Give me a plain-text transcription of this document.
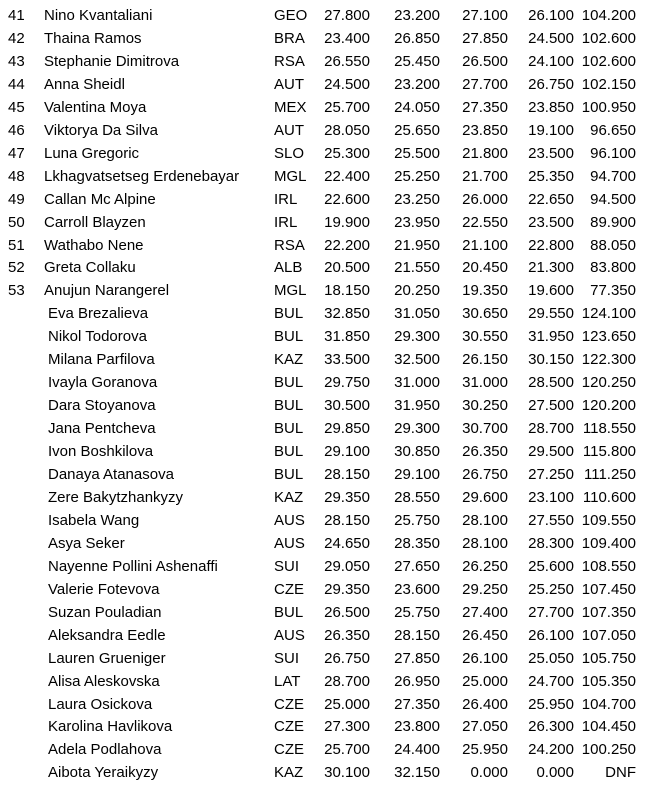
41	Nino Kvantaliani	GEO	27.800	23.200	27.100	26.100 104.200
42	Thaina Ramos	BRA	23.400	26.850	27.850	24.500 102.600
43	Stephanie Dimitrova	RSA	26.550	25.450	26.500	24.100 102.600
44	Anna Sheidl	AUT	24.500	23.200	27.700	26.750 102.150
45	Valentina Moya	MEX	25.700	24.050	27.350	23.850 100.950
46	Viktorya Da Silva	AUT	28.050	25.650	23.850	19.100	96.650
47	Luna Gregoric	SLO	25.300	25.500	21.800	23.500	96.100
48	Lkhagvatsetseg Erdenebayar	MGL	22.400	25.250	21.700	25.350	94.700
49	Callan Mc Alpine	IRL	22.600	23.250	26.000	22.650	94.500
50	Carroll Blayzen	IRL	19.900	23.950	22.550	23.500	89.900
51	Wathabo Nene	RSA	22.200	21.950	21.100	22.800	88.050
52	Greta Collaku	ALB	20.500	21.550	20.450	21.300	83.800
53	Anujun Narangerel	MGL	18.150	20.250	19.350	19.600	77.350
Eva Brezalieva	BUL	32.850	31.050	30.650	29.550 124.100
Nikol Todorova	BUL	31.850	29.300	30.550	31.950 123.650
Milana Parfilova	KAZ	33.500	32.500	26.150	30.150 122.300
Ivayla Goranova	BUL	29.750	31.000	31.000	28.500 120.250
Dara Stoyanova	BUL	30.500	31.950	30.250	27.500 120.200
Jana Pentcheva	BUL	29.850	29.300	30.700	28.700 118.550
Ivon Boshkilova	BUL	29.100	30.850	26.350	29.500 115.800
Danaya Atanasova	BUL	28.150	29.100	26.750	27.250 111.250
Zere Bakytzhankyzy	KAZ	29.350	28.550	29.600	23.100 110.600
Isabela Wang	AUS	28.150	25.750	28.100	27.550 109.550
Asya Seker	AUS	24.650	28.350	28.100	28.300 109.400
Nayenne Pollini Ashenaffi	SUI	29.050	27.650	26.250	25.600 108.550
Valerie Fotevova	CZE	29.350	23.600	29.250	25.250 107.450
Suzan Pouladian	BUL	26.500	25.750	27.400	27.700 107.350
Aleksandra Eedle	AUS	26.350	28.150	26.450	26.100 107.050
Lauren Grueniger	SUI	26.750	27.850	26.100	25.050 105.750
Alisa Aleskovska	LAT	28.700	26.950	25.000	24.700 105.350
Laura Osickova	CZE	25.000	27.350	26.400	25.950 104.700
Karolina Havlikova	CZE	27.300	23.800	27.050	26.300 104.450
Adela Podlahova	CZE	25.700	24.400	25.950	24.200 100.250
Aibota Yeraikyzy	KAZ	30.100	32.150	0.000	0.000	DNF
